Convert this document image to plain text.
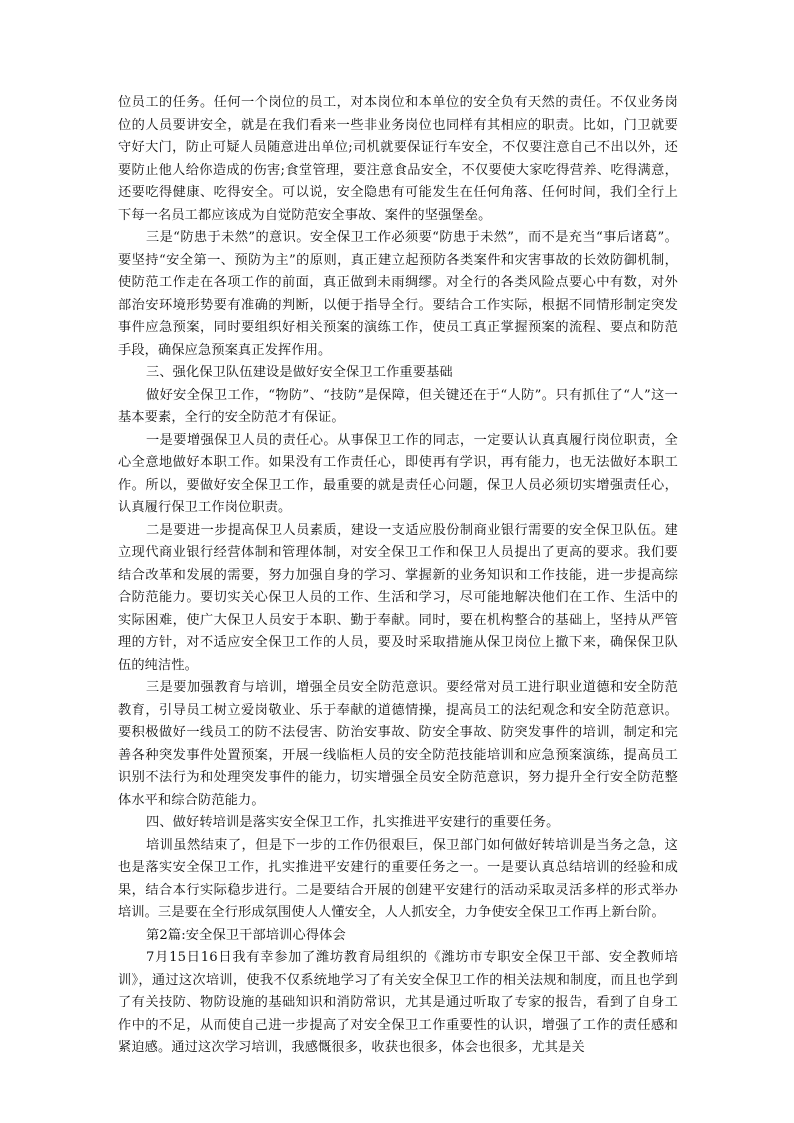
位员工的任务。任何一个岗位的员工，对本岗位和本单位的安全负有天然的责任。不仅业务岗位的人员要讲安全，就是在我们看来一些非业务岗位也同样有其相应的职责。比如，门卫就要守好大门，防止可疑人员随意进出单位;司机就要保证行车安全，不仅要注意自己不出以外，还要防止他人给你造成的伤害;食堂管理，要注意食品安全，不仅要使大家吃得营养、吃得满意，还要吃得健康、吃得安全。可以说，安全隐患有可能发生在任何角落、任何时间，我们全行上下每一名员工都应该成为自觉防范安全事故、案件的坚强堡垒。

三是“防患于未然”的意识。安全保卫工作必须要“防患于未然”，而不是充当“事后诸葛”。要坚持“安全第一、预防为主”的原则，真正建立起预防各类案件和灾害事故的长效防御机制，使防范工作走在各项工作的前面，真正做到未雨绸缪。对全行的各类风险点要心中有数，对外部治安环境形势要有准确的判断，以便于指导全行。要结合工作实际，根据不同情形制定突发事件应急预案，同时要组织好相关预案的演练工作，使员工真正掌握预案的流程、要点和防范手段，确保应急预案真正发挥作用。

三、强化保卫队伍建设是做好安全保卫工作重要基础

做好安全保卫工作，“物防”、“技防”是保障，但关键还在于“人防”。只有抓住了“人”这一基本要素，全行的安全防范才有保证。

一是要增强保卫人员的责任心。从事保卫工作的同志，一定要认认真真履行岗位职责，全心全意地做好本职工作。如果没有工作责任心，即使再有学识，再有能力，也无法做好本职工作。所以，要做好安全保卫工作，最重要的就是责任心问题，保卫人员必须切实增强责任心，认真履行保卫工作岗位职责。

二是要进一步提高保卫人员素质，建设一支适应股份制商业银行需要的安全保卫队伍。建立现代商业银行经营体制和管理体制，对安全保卫工作和保卫人员提出了更高的要求。我们要结合改革和发展的需要，努力加强自身的学习、掌握新的业务知识和工作技能，进一步提高综合防范能力。要切实关心保卫人员的工作、生活和学习，尽可能地解决他们在工作、生活中的实际困难，使广大保卫人员安于本职、勤于奉献。同时，要在机构整合的基础上，坚持从严管理的方针，对不适应安全保卫工作的人员，要及时采取措施从保卫岗位上撤下来，确保保卫队伍的纯洁性。

三是要加强教育与培训，增强全员安全防范意识。要经常对员工进行职业道德和安全防范教育，引导员工树立爱岗敬业、乐于奉献的道德情操，提高员工的法纪观念和安全防范意识。要积极做好一线员工的防不法侵害、防治安事故、防安全事故、防突发事件的培训，制定和完善各种突发事件处置预案，开展一线临柜人员的安全防范技能培训和应急预案演练，提高员工识别不法行为和处理突发事件的能力，切实增强全员安全防范意识，努力提升全行安全防范整体水平和综合防范能力。

四、做好转培训是落实安全保卫工作，扎实推进平安建行的重要任务。

培训虽然结束了，但是下一步的工作仍很艰巨，保卫部门如何做好转培训是当务之急，这也是落实安全保卫工作，扎实推进平安建行的重要任务之一。一是要认真总结培训的经验和成果，结合本行实际稳步进行。二是要结合开展的创建平安建行的活动采取灵活多样的形式举办培训。三是要在全行形成氛围使人人懂安全，人人抓安全，力争使安全保卫工作再上新台阶。

第2篇:安全保卫干部培训心得体会

7月15日16日我有幸参加了潍坊教育局组织的《潍坊市专职安全保卫干部、安全教师培训》，通过这次培训，使我不仅系统地学习了有关安全保卫工作的相关法规和制度，而且也学到了有关技防、物防设施的基础知识和消防常识，尤其是通过听取了专家的报告，看到了自身工作中的不足，从而使自己进一步提高了对安全保卫工作重要性的认识，增强了工作的责任感和紧迫感。通过这次学习培训，我感慨很多，收获也很多，体会也很多，尤其是关
